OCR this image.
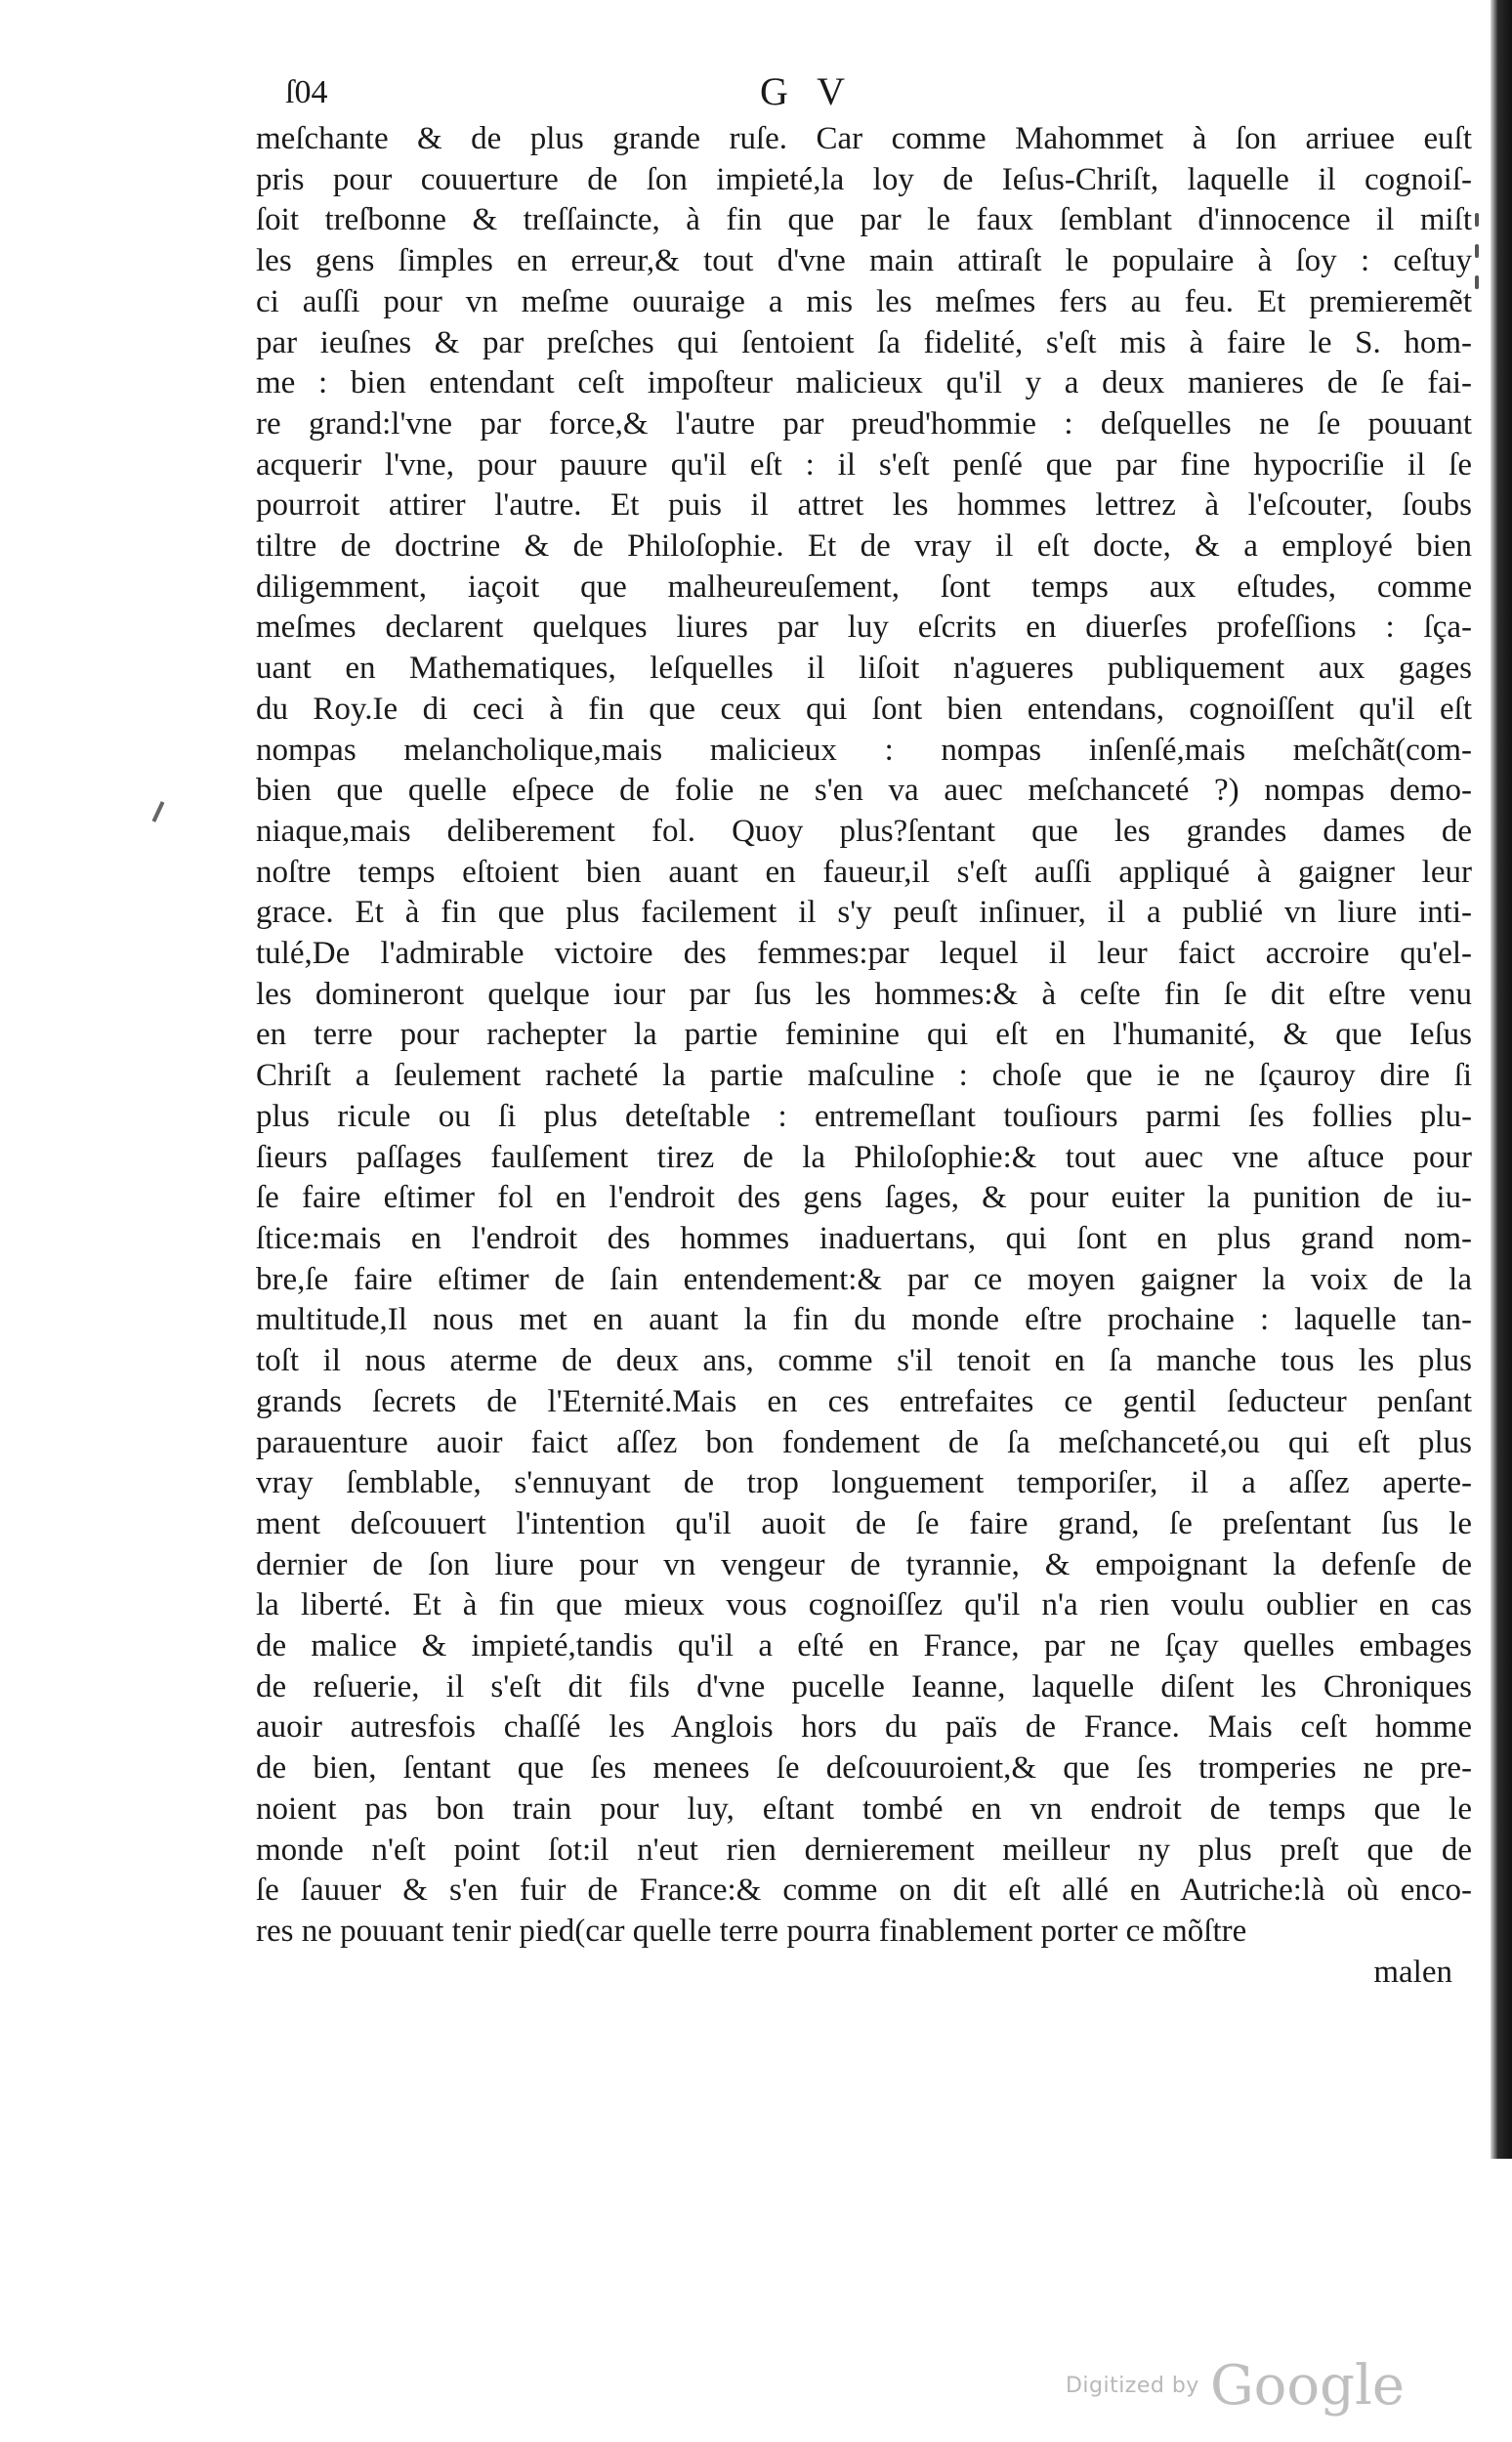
ſ04	G V
meſchante & de plus grande ruſe. Car comme Mahommet à ſon arriuee euſt
pris pour couuerture de ſon impieté,la loy de Ieſus-Chriſt, laquelle il cognoiſ-
ſoit treſbonne & treſſaincte, à fin que par le faux ſemblant d'innocence il miſt
les gens ſimples en erreur,& tout d'vne main attiraſt le populaire à ſoy : ceſtuy
ci auſſi pour vn meſme ouuraige a mis les meſmes fers au feu. Et premieremẽt
par ieuſnes & par preſches qui ſentoient ſa fidelité, s'eſt mis à faire le S. hom-
me : bien entendant ceſt impoſteur malicieux qu'il y a deux manieres de ſe fai-
re grand:l'vne par force,& l'autre par preud'hommie : deſquelles ne ſe pouuant
acquerir l'vne, pour pauure qu'il eſt : il s'eſt penſé que par fine hypocriſie il ſe
pourroit attirer l'autre. Et puis il attret les hommes lettrez à l'eſcouter, ſoubs
tiltre de doctrine & de Philoſophie. Et de vray il eſt docte, & a employé bien
diligemment, iaçoit que malheureuſement, ſont temps aux eſtudes, comme
meſmes declarent quelques liures par luy eſcrits en diuerſes profeſſions : ſça-
uant en Mathematiques, leſquelles il liſoit n'agueres publiquement aux gages
du Roy.Ie di ceci à fin que ceux qui ſont bien entendans, cognoiſſent qu'il eſt
nompas melancholique,mais malicieux : nompas inſenſé,mais meſchãt(com-
bien que quelle eſpece de folie ne s'en va auec meſchanceté ?) nompas demo-
niaque,mais deliberement fol. Quoy plus?ſentant que les grandes dames de
noſtre temps eſtoient bien auant en faueur,il s'eſt auſſi appliqué à gaigner leur
grace. Et à fin que plus facilement il s'y peuſt inſinuer, il a publié vn liure inti-
tulé,De l'admirable victoire des femmes:par lequel il leur faict accroire qu'el-
les domineront quelque iour par ſus les hommes:& à ceſte fin ſe dit eſtre venu
en terre pour rachepter la partie feminine qui eſt en l'humanité, & que Ieſus
Chriſt a ſeulement racheté la partie maſculine : choſe que ie ne ſçauroy dire ſi
plus ricule ou ſi plus deteſtable : entremeſlant touſiours parmi ſes follies plu-
ſieurs paſſages faulſement tirez de la Philoſophie:& tout auec vne aſtuce pour
ſe faire eſtimer fol en l'endroit des gens ſages, & pour euiter la punition de iu-
ſtice:mais en l'endroit des hommes inaduertans, qui ſont en plus grand nom-
bre,ſe faire eſtimer de ſain entendement:& par ce moyen gaigner la voix de la
multitude,Il nous met en auant la fin du monde eſtre prochaine : laquelle tan-
toſt il nous aterme de deux ans, comme s'il tenoit en ſa manche tous les plus
grands ſecrets de l'Eternité.Mais en ces entrefaites ce gentil ſeducteur penſant
parauenture auoir faict aſſez bon fondement de ſa meſchanceté,ou qui eſt plus
vray ſemblable, s'ennuyant de trop longuement temporiſer, il a aſſez aperte-
ment deſcouuert l'intention qu'il auoit de ſe faire grand, ſe preſentant ſus le
dernier de ſon liure pour vn vengeur de tyrannie, & empoignant la defenſe de
la liberté. Et à fin que mieux vous cognoiſſez qu'il n'a rien voulu oublier en cas
de malice & impieté,tandis qu'il a eſté en France, par ne ſçay quelles embages
de reſuerie, il s'eſt dit fils d'vne pucelle Ieanne, laquelle diſent les Chroniques
auoir autresfois chaſſé les Anglois hors du païs de France. Mais ceſt homme
de bien, ſentant que ſes menees ſe deſcouuroient,& que ſes tromperies ne pre-
noient pas bon train pour luy, eſtant tombé en vn endroit de temps que le
monde n'eſt point ſot:il n'eut rien dernierement meilleur ny plus preſt que de
ſe ſauuer & s'en fuir de France:& comme on dit eſt allé en Autriche:là où enco-
res ne pouuant tenir pied(car quelle terre pourra finablement porter ce mõſtre
malen
Digitized by Google
